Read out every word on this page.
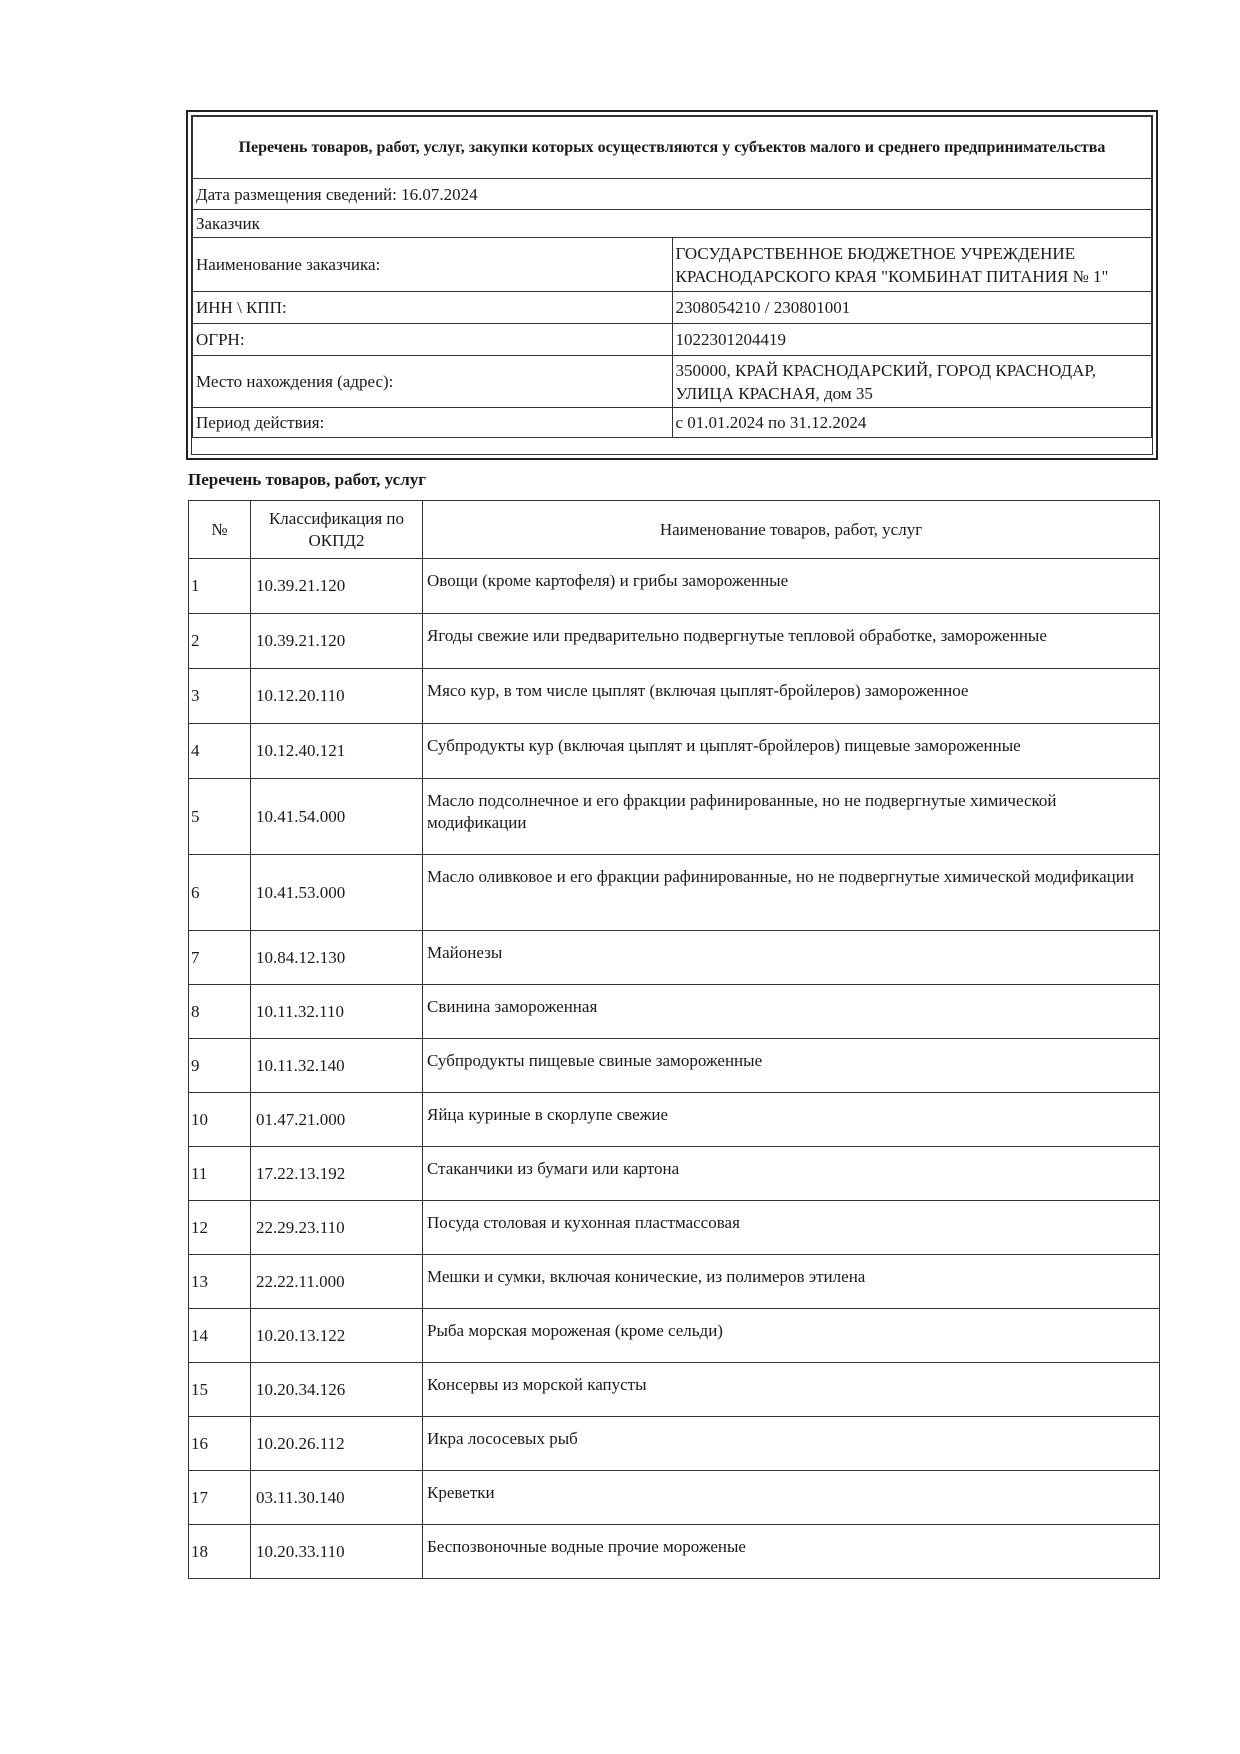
Перечень товаров, работ, услуг, закупки которых осуществляются у субъектов малого и среднего предпринимательства	
Дата размещения сведений: 16.07.2024	
Заказчик	
Наименование заказчика:	ГОСУДАРСТВЕННОЕ БЮДЖЕТНОЕ УЧРЕЖДЕНИЕ КРАСНОДАРСКОГО КРАЯ "КОМБИНАТ ПИТАНИЯ № 1"
ИНН \ КПП:	2308054210 / 230801001
ОГРН:	1022301204419
Место нахождения (адрес):	350000, КРАЙ КРАСНОДАРСКИЙ, ГОРОД КРАСНОДАР, УЛИЦА КРАСНАЯ, дом 35
Период действия:	с 01.01.2024 по 31.12.2024
Перечень товаров, работ, услуг
№	Классификация по ОКПД2	Наименование товаров, работ, услуг
1	10.39.21.120	Овощи (кроме картофеля) и грибы замороженные
2	10.39.21.120	Ягоды свежие или предварительно подвергнутые тепловой обработке, замороженные
3	10.12.20.110	Мясо кур, в том числе цыплят (включая цыплят-бройлеров) замороженное
4	10.12.40.121	Субпродукты кур (включая цыплят и цыплят-бройлеров) пищевые замороженные
5	10.41.54.000	Масло подсолнечное и его фракции рафинированные, но не подвергнутые химической модификации
6	10.41.53.000	Масло оливковое и его фракции рафинированные, но не подвергнутые химической модификации
7	10.84.12.130	Майонезы
8	10.11.32.110	Свинина замороженная
9	10.11.32.140	Субпродукты пищевые свиные замороженные
10	01.47.21.000	Яйца куриные в скорлупе свежие
11	17.22.13.192	Стаканчики из бумаги или картона
12	22.29.23.110	Посуда столовая и кухонная пластмассовая
13	22.22.11.000	Мешки и сумки, включая конические, из полимеров этилена
14	10.20.13.122	Рыба морская мороженая (кроме сельди)
15	10.20.34.126	Консервы из морской капусты
16	10.20.26.112	Икра лососевых рыб
17	03.11.30.140	Креветки
18	10.20.33.110	Беспозвоночные водные прочие мороженые
